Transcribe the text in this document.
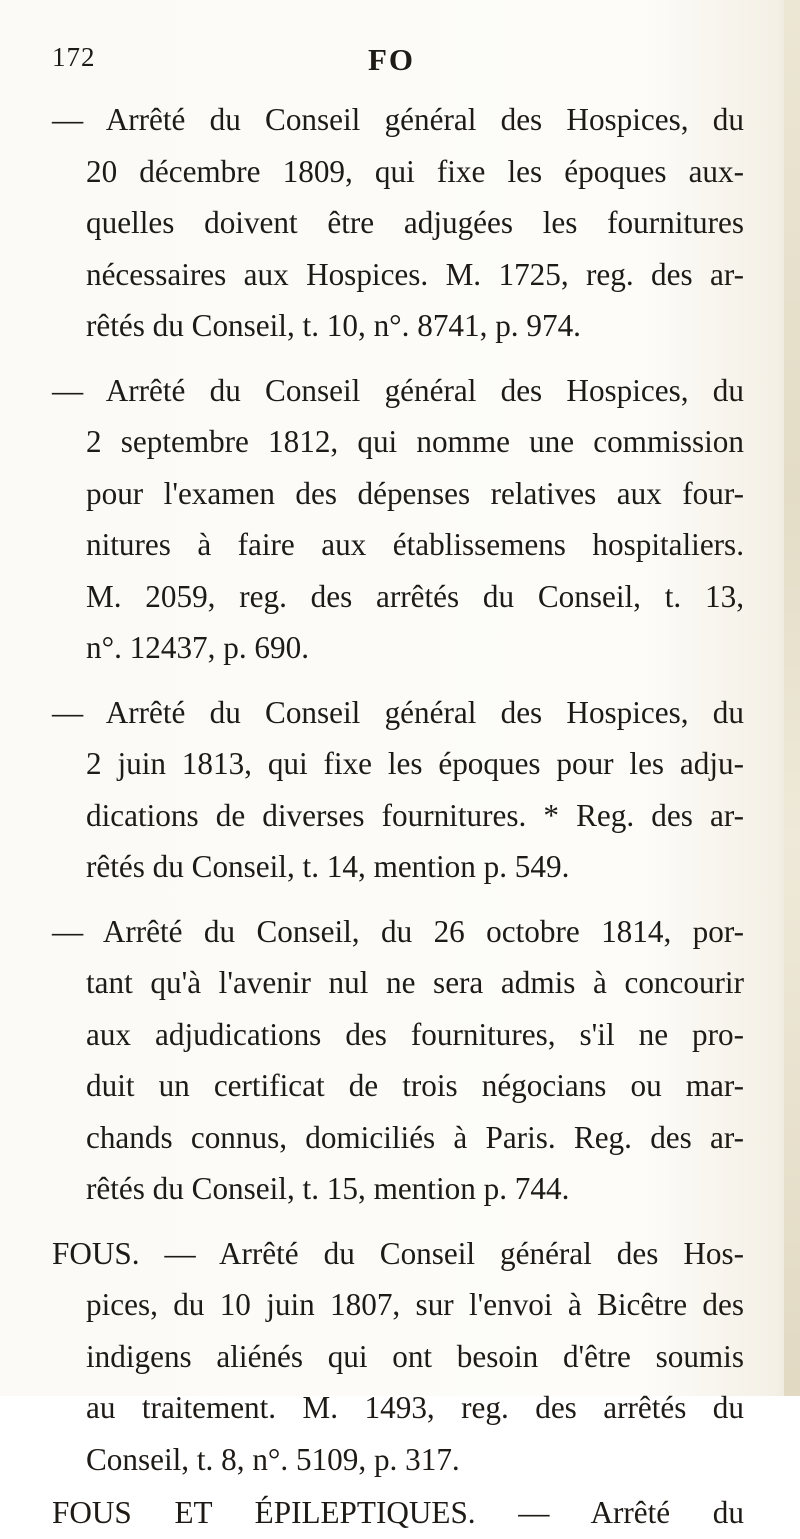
172	FO
— Arrêté du Conseil général des Hospices, du
20 décembre 1809, qui fixe les époques aux-
quelles doivent être adjugées les fournitures
nécessaires aux Hospices. M. 1725, reg. des ar-
rêtés du Conseil, t. 10, n°. 8741, p. 974.
— Arrêté du Conseil général des Hospices, du
2 septembre 1812, qui nomme une commission
pour l'examen des dépenses relatives aux four-
nitures à faire aux établissemens hospitaliers.
M. 2059, reg. des arrêtés du Conseil, t. 13,
n°. 12437, p. 690.
— Arrêté du Conseil général des Hospices, du
2 juin 1813, qui fixe les époques pour les adju-
dications de diverses fournitures. * Reg. des ar-
rêtés du Conseil, t. 14, mention p. 549.
— Arrêté du Conseil, du 26 octobre 1814, por-
tant qu'à l'avenir nul ne sera admis à concourir
aux adjudications des fournitures, s'il ne pro-
duit un certificat de trois négocians ou mar-
chands connus, domiciliés à Paris. Reg. des ar-
rêtés du Conseil, t. 15, mention p. 744.
FOUS. — Arrêté du Conseil général des Hos-
pices, du 10 juin 1807, sur l'envoi à Bicêtre des
indigens aliénés qui ont besoin d'être soumis
au traitement. M. 1493, reg. des arrêtés du
Conseil, t. 8, n°. 5109, p. 317.
FOUS ET ÉPILEPTIQUES. — Arrêté du
